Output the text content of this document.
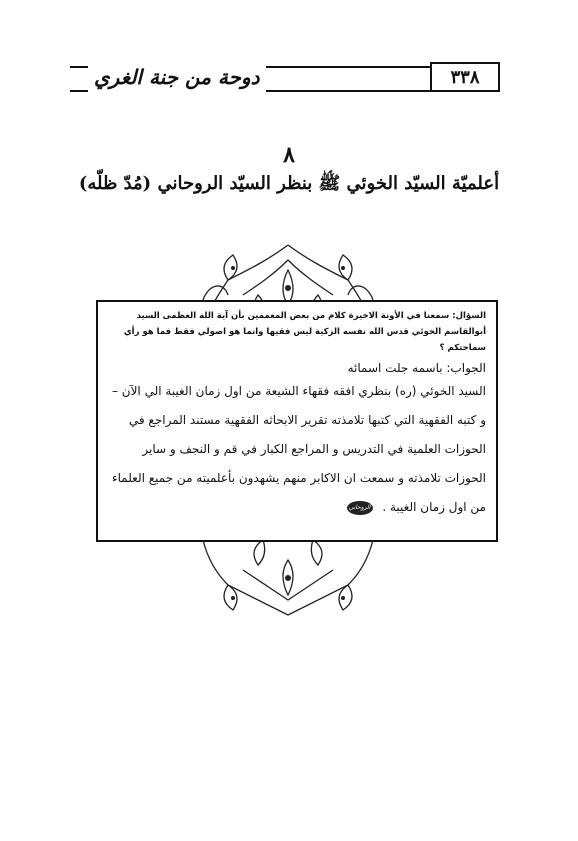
دوحة من جنة الغري	٣٣٨
٨
أعلميّة السيّد الخوئي ﷺ بنظر السيّد الروحاني (مُدّ ظلّه)
السؤال: سمعنا في الأونة الاخيرة كلام من بعض المعممين بأن آية الله العظمى السيد أبوالقاسم الخوئي قدس الله نفسه الزكية ليس فقيها وانما هو اصولي فقط فما هو رأي سماحتكم ؟
الجواب: باسمه جلت اسمائه

السيد الخوئي (ره) بنظري افقه فقهاء الشيعة من اول زمان الغيبة الي الآن –

و كتبه الفقهية التي كتبها تلامذته تقرير الابحاثه الفقهية مستند المراجع في

الحوزات العلمية في التدريس و المراجع الكبار في قم و النجف و ساير

الحوزات تلامذته و سمعت ان الاكابر منهم يشهدون بأعلميته من جميع العلماء

من اول زمان الغيبة .
الروحاني
